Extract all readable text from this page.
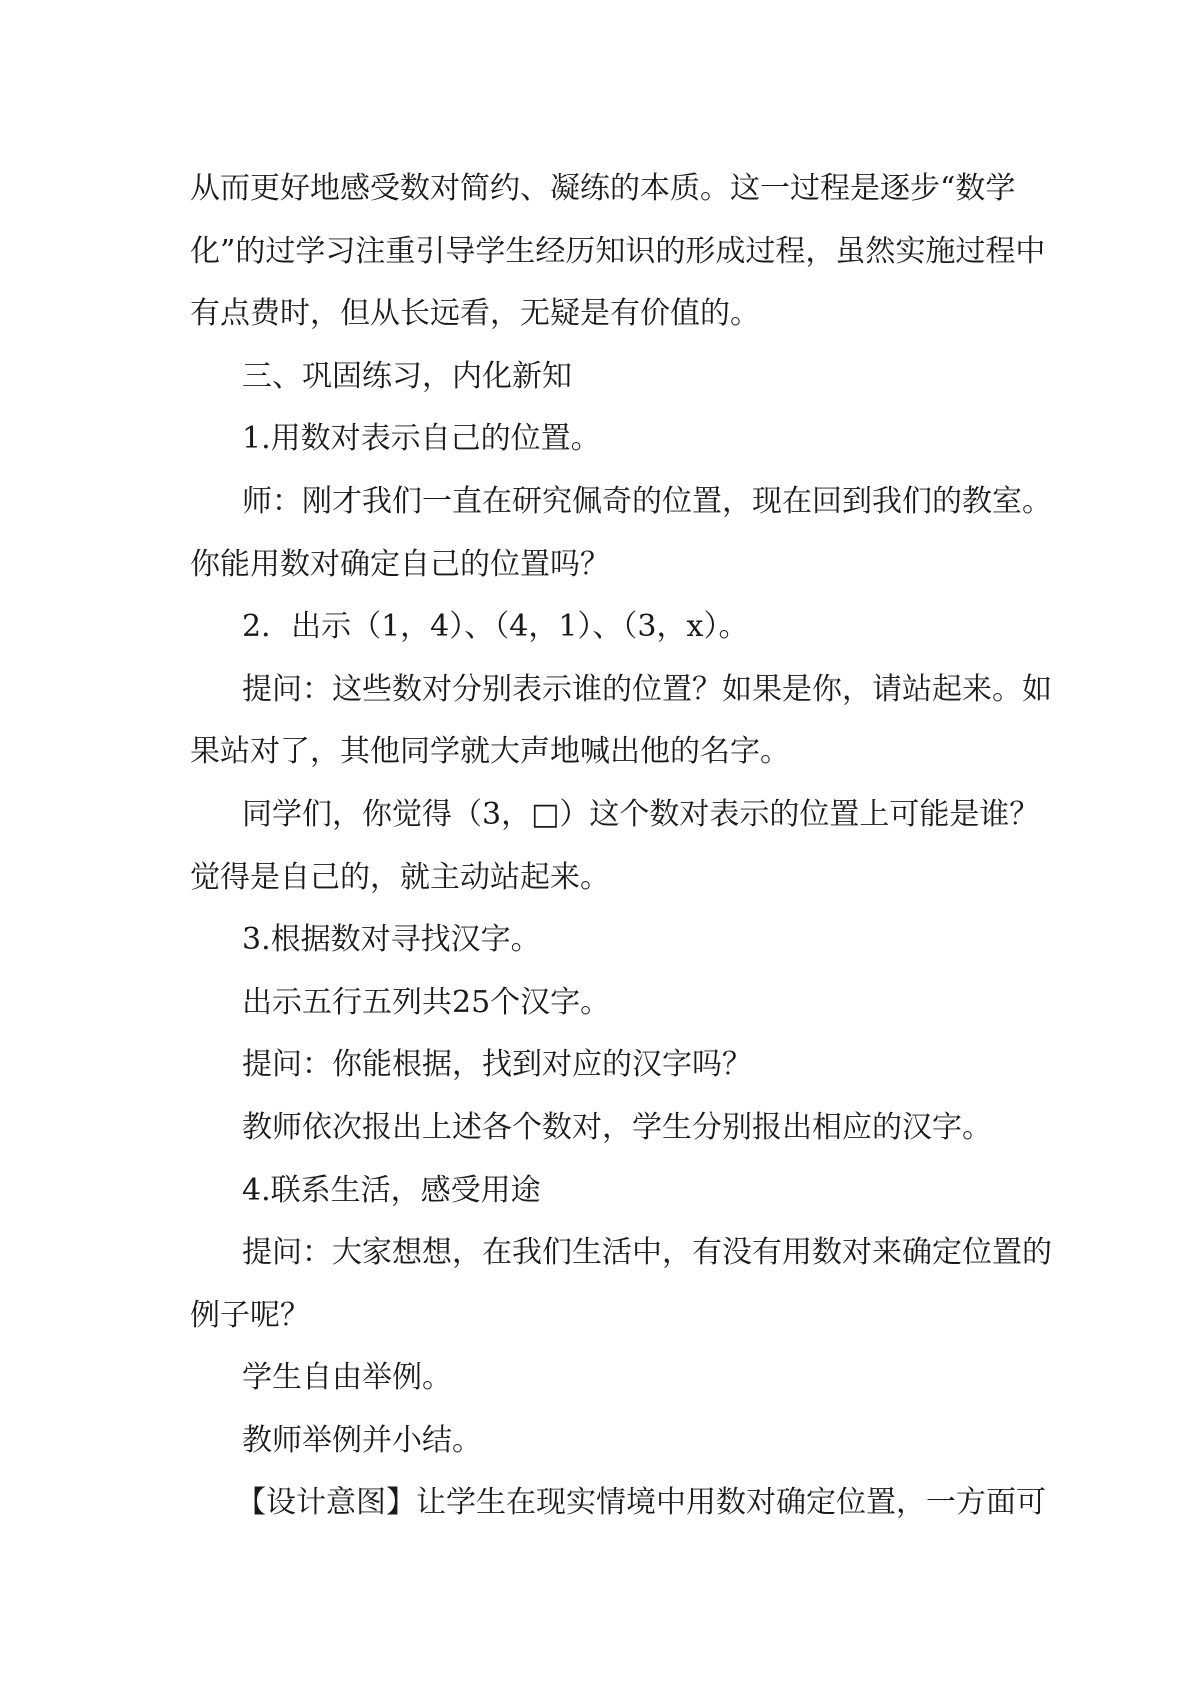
从而更好地感受数对简约、凝练的本质。这一过程是逐步“数学
化”的过学习注重引导学生经历知识的形成过程，虽然实施过程中
有点费时，但从长远看，无疑是有价值的。

三、巩固练习，内化新知

1.用数对表示自己的位置。

师：刚才我们一直在研究佩奇的位置，现在回到我们的教室。
你能用数对确定自己的位置吗？

2．出示（1，4）、（4，1）、（3，x）。

提问：这些数对分别表示谁的位置？如果是你，请站起来。如
果站对了，其他同学就大声地喊出他的名字。

同学们，你觉得（3，□）这个数对表示的位置上可能是谁？
觉得是自己的，就主动站起来。

3.根据数对寻找汉字。

出示五行五列共25个汉字。

提问：你能根据，找到对应的汉字吗？

教师依次报出上述各个数对，学生分别报出相应的汉字。

4.联系生活，感受用途

提问：大家想想，在我们生活中，有没有用数对来确定位置的
例子呢？

学生自由举例。

教师举例并小结。

【设计意图】让学生在现实情境中用数对确定位置，一方面可
